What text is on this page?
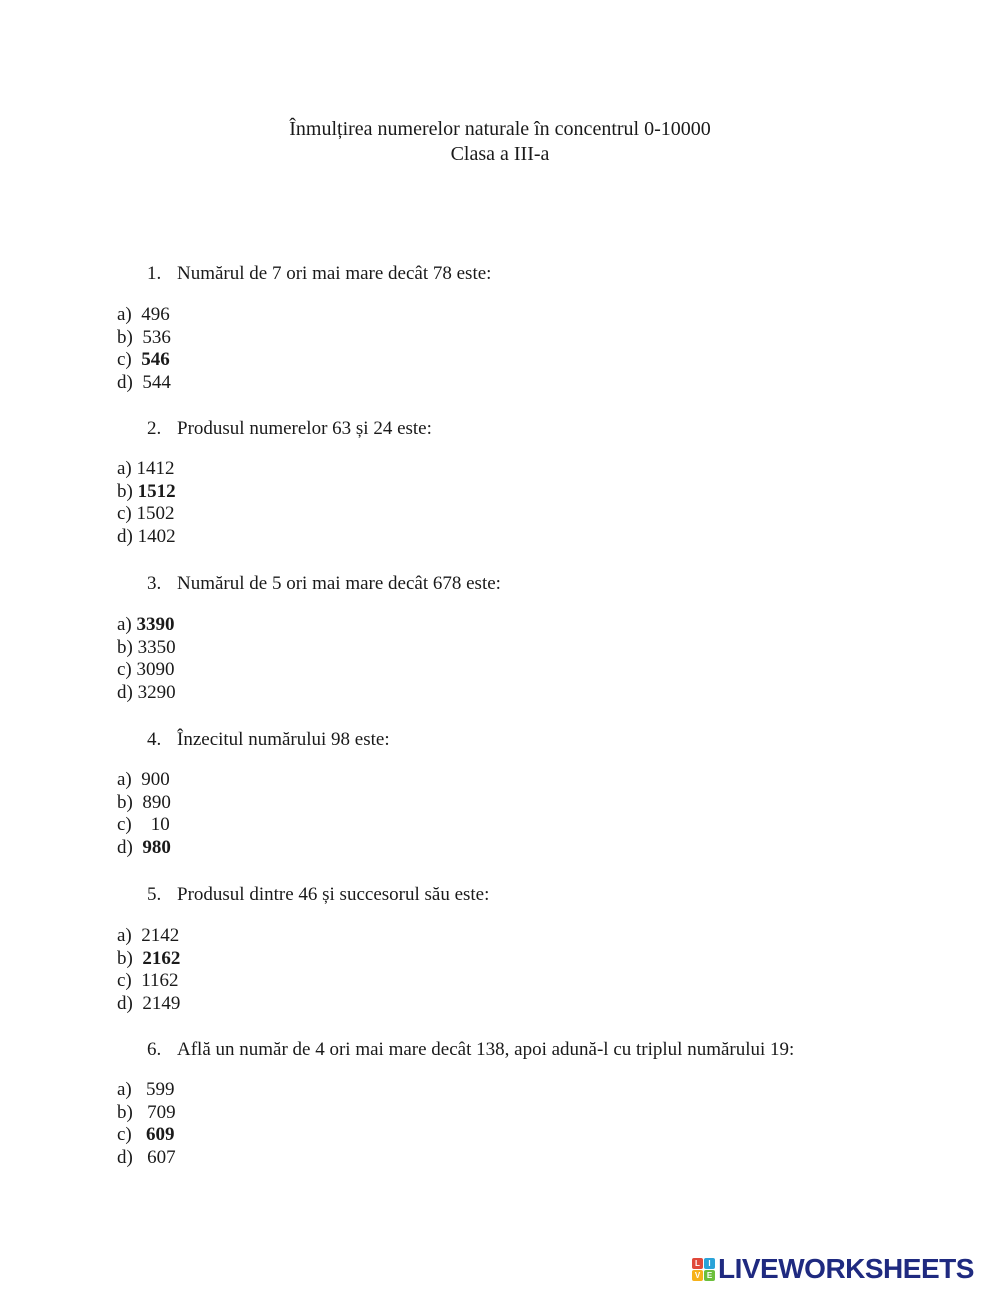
Înmulțirea numerelor naturale în concentrul 0-10000
Clasa a III-a
1. Numărul de 7 ori mai mare decât 78 este:
a) 496
b) 536
c) 546
d) 544
2. Produsul numerelor 63 și 24 este:
a) 1412
b) 1512
c) 1502
d) 1402
3. Numărul de 5 ori mai mare decât 678 este:
a) 3390
b) 3350
c) 3090
d) 3290
4. Înzecitul numărului 98 este:
a) 900
b) 890
c) 10
d) 980
5. Produsul dintre 46 și succesorul său este:
a) 2142
b) 2162
c) 1162
d) 2149
6. Află un număr de 4 ori mai mare decât 138, apoi adună-l cu triplul numărului 19:
a) 599
b) 709
c) 609
d) 607
L	I
V E LIVEWORKSHEETS
